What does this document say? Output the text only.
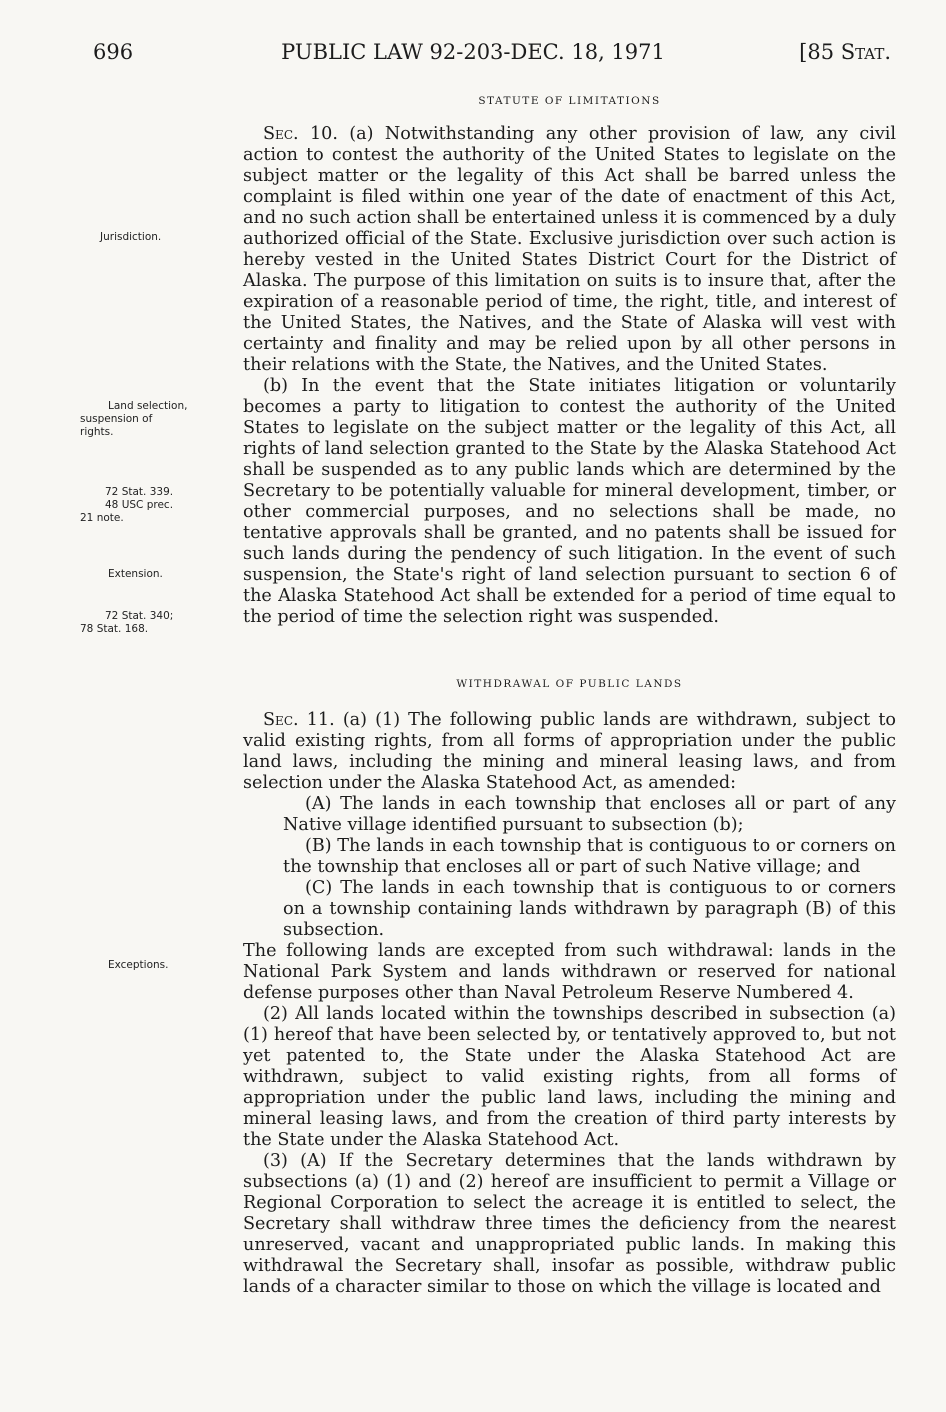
696	PUBLIC LAW 92-203-DEC. 18, 1971	[85 Stat.
STATUTE OF LIMITATIONS

Sec. 10. (a) Notwithstanding any other provision of law, any civil action to contest the authority of the United States to legislate on the subject matter or the legality of this Act shall be barred unless the complaint is filed within one year of the date of enactment of this Act, and no such action shall be entertained unless it is commenced by a duly authorized official of the State. Exclusive jurisdiction over such action is hereby vested in the United States District Court for the District of Alaska. The purpose of this limitation on suits is to insure that, after the expiration of a reasonable period of time, the right, title, and interest of the United States, the Natives, and the State of Alaska will vest with certainty and finality and may be relied upon by all other persons in their relations with the State, the Natives, and the United States.

(b) In the event that the State initiates litigation or voluntarily becomes a party to litigation to contest the authority of the United States to legislate on the subject matter or the legality of this Act, all rights of land selection granted to the State by the Alaska Statehood Act shall be suspended as to any public lands which are determined by the Secretary to be potentially valuable for mineral development, timber, or other commercial purposes, and no selections shall be made, no tentative approvals shall be granted, and no patents shall be issued for such lands during the pendency of such litigation. In the event of such suspension, the State's right of land selection pursuant to section 6 of the Alaska Statehood Act shall be extended for a period of time equal to the period of time the selection right was suspended.

WITHDRAWAL OF PUBLIC LANDS

Sec. 11. (a) (1) The following public lands are withdrawn, subject to valid existing rights, from all forms of appropriation under the public land laws, including the mining and mineral leasing laws, and from selection under the Alaska Statehood Act, as amended:

(A) The lands in each township that encloses all or part of any Native village identified pursuant to subsection (b);

(B) The lands in each township that is contiguous to or corners on the township that encloses all or part of such Native village; and

(C) The lands in each township that is contiguous to or corners on a township containing lands withdrawn by paragraph (B) of this subsection.

The following lands are excepted from such withdrawal: lands in the National Park System and lands withdrawn or reserved for national defense purposes other than Naval Petroleum Reserve Numbered 4.

(2) All lands located within the townships described in subsection (a) (1) hereof that have been selected by, or tentatively approved to, but not yet patented to, the State under the Alaska Statehood Act are withdrawn, subject to valid existing rights, from all forms of appropriation under the public land laws, including the mining and mineral leasing laws, and from the creation of third party interests by the State under the Alaska Statehood Act.

(3) (A) If the Secretary determines that the lands withdrawn by subsections (a) (1) and (2) hereof are insufficient to permit a Village or Regional Corporation to select the acreage it is entitled to select, the Secretary shall withdraw three times the deficiency from the nearest unreserved, vacant and unappropriated public lands. In making this withdrawal the Secretary shall, insofar as possible, withdraw public lands of a character similar to those on which the village is located and

Jurisdiction.
Land selection,
suspension of
rights.
72 Stat. 339.
48 USC prec.
21 note.
Extension.
72 Stat. 340;
78 Stat. 168.
Exceptions.
